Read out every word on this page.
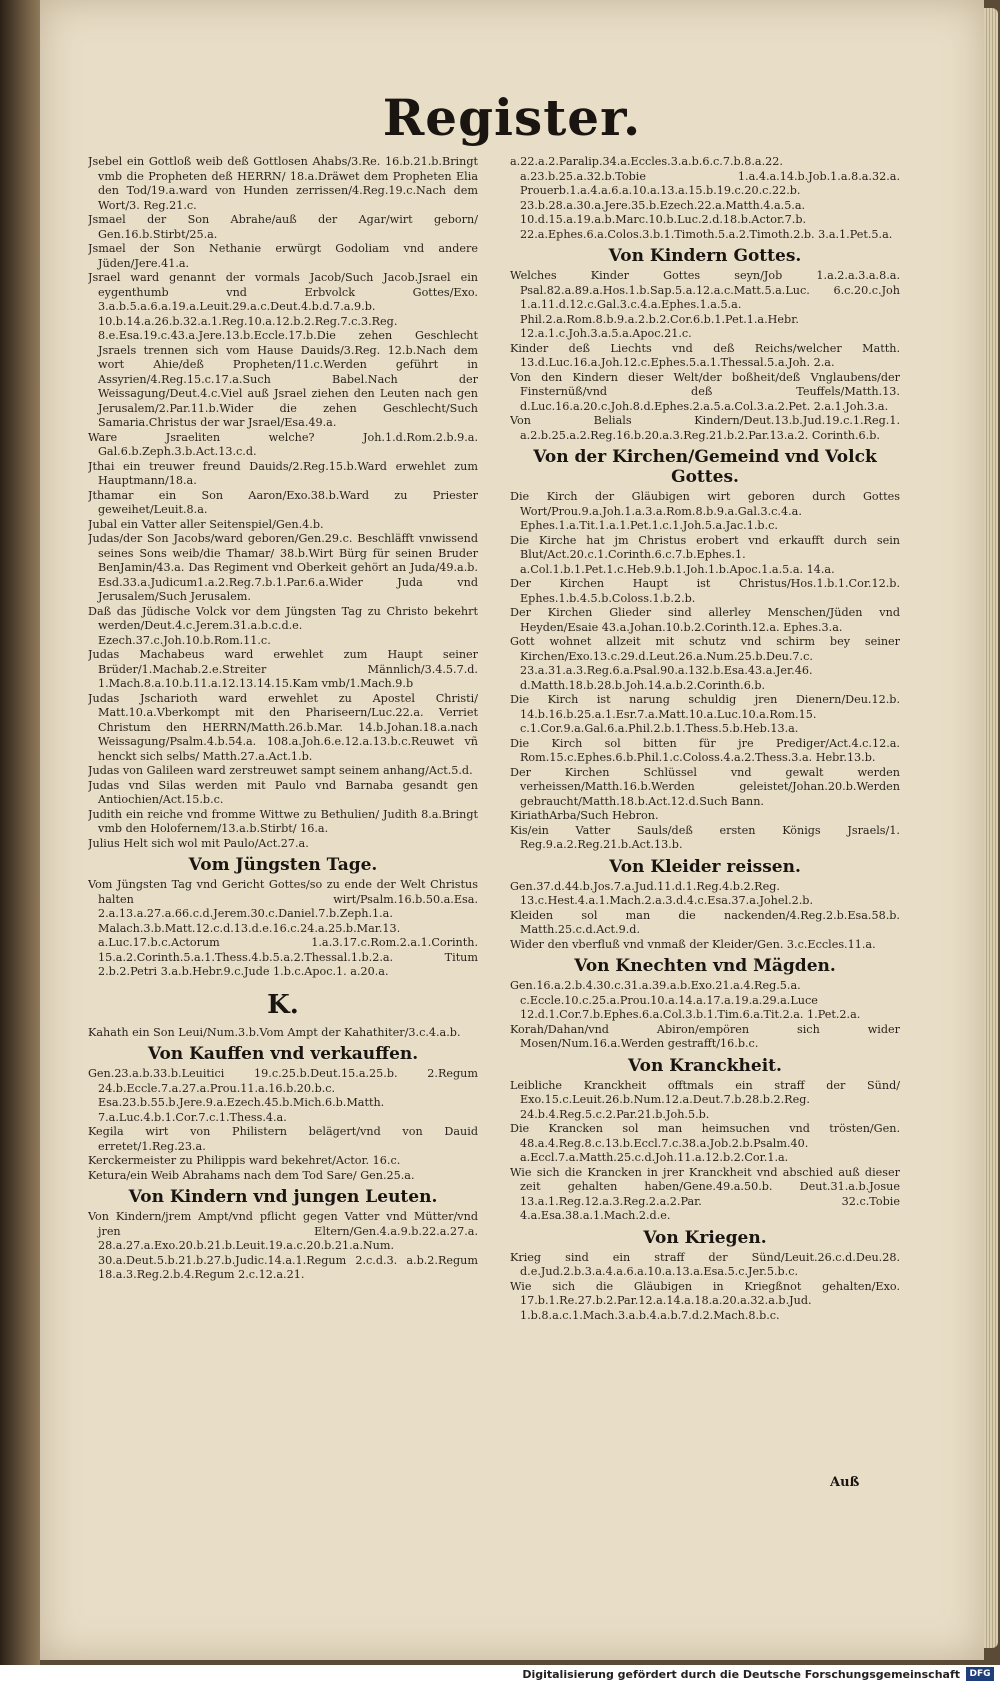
Register.
Jsebel ein Gottloß weib deß Gottlosen Ahabs/3.Re. 16.b.21.b.Bringt vmb die Propheten deß HERRN/ 18.a.Dräwet dem Propheten Elia den Tod/19.a.ward von Hunden zerrissen/4.Reg.19.c.Nach dem Wort/3. Reg.21.c.
Jsmael der Son Abrahe/auß der Agar/wirt geborn/ Gen.16.b.Stirbt/25.a.
Jsmael der Son Nethanie erwürgt Godoliam vnd andere Jüden/Jere.41.a.
Jsrael ward genannt der vormals Jacob/Such Jacob.Jsrael ein eygenthumb vnd Erbvolck Gottes/Exo. 3.a.b.5.a.6.a.19.a.Leuit.29.a.c.Deut.4.b.d.7.a.9.b. 10.b.14.a.26.b.32.a.1.Reg.10.a.12.b.2.Reg.7.c.3.Reg. 8.e.Esa.19.c.43.a.Jere.13.b.Eccle.17.b.Die zehen Geschlecht Jsraels trennen sich vom Hause Dauids/3.Reg. 12.b.Nach dem wort Ahie/deß Propheten/11.c.Werden geführt in Assyrien/4.Reg.15.c.17.a.Such Babel.Nach der Weissagung/Deut.4.c.Viel auß Jsrael ziehen den Leuten nach gen Jerusalem/2.Par.11.b.Wider die zehen Geschlecht/Such Samaria.Christus der war Jsrael/Esa.49.a.
Ware Jsraeliten welche? Joh.1.d.Rom.2.b.9.a. Gal.6.b.Zeph.3.b.Act.13.c.d.
Jthai ein treuwer freund Dauids/2.Reg.15.b.Ward erwehlet zum Hauptmann/18.a.
Jthamar ein Son Aaron/Exo.38.b.Ward zu Priester geweihet/Leuit.8.a.
Jubal ein Vatter aller Seitenspiel/Gen.4.b.
Judas/der Son Jacobs/ward geboren/Gen.29.c. Beschläfft vnwissend seines Sons weib/die Thamar/ 38.b.Wirt Bürg für seinen Bruder BenJamin/43.a. Das Regiment vnd Oberkeit gehört an Juda/49.a.b. Esd.33.a.Judicum1.a.2.Reg.7.b.1.Par.6.a.Wider Juda vnd Jerusalem/Such Jerusalem.
Daß das Jüdische Volck vor dem Jüngsten Tag zu Christo bekehrt werden/Deut.4.c.Jerem.31.a.b.c.d.e. Ezech.37.c.Joh.10.b.Rom.11.c.
Judas Machabeus ward erwehlet zum Haupt seiner Brüder/1.Machab.2.e.Streiter Männlich/3.4.5.7.d. 1.Mach.8.a.10.b.11.a.12.13.14.15.Kam vmb/1.Mach.9.b
Judas Jscharioth ward erwehlet zu Apostel Christi/ Matt.10.a.Vberkompt mit den Phariseern/Luc.22.a. Verriet Christum den HERRN/Matth.26.b.Mar. 14.b.Johan.18.a.nach Weissagung/Psalm.4.b.54.a. 108.a.Joh.6.e.12.a.13.b.c.Reuwet vñ henckt sich selbs/ Matth.27.a.Act.1.b.
Judas von Galileen ward zerstreuwet sampt seinem anhang/Act.5.d.
Judas vnd Silas werden mit Paulo vnd Barnaba gesandt gen Antiochien/Act.15.b.c.
Judith ein reiche vnd fromme Wittwe zu Bethulien/ Judith 8.a.Bringt vmb den Holofernem/13.a.b.Stirbt/ 16.a.
Julius Helt sich wol mit Paulo/Act.27.a.
Vom Jüngsten Tage.
Vom Jüngsten Tag vnd Gericht Gottes/so zu ende der Welt Christus halten wirt/Psalm.16.b.50.a.Esa. 2.a.13.a.27.a.66.c.d.Jerem.30.c.Daniel.7.b.Zeph.1.a. Malach.3.b.Matt.12.c.d.13.d.e.16.c.24.a.25.b.Mar.13. a.Luc.17.b.c.Actorum 1.a.3.17.c.Rom.2.a.1.Corinth. 15.a.2.Corinth.5.a.1.Thess.4.b.5.a.2.Thessal.1.b.2.a. Titum 2.b.2.Petri 3.a.b.Hebr.9.c.Jude 1.b.c.Apoc.1. a.20.a.
K.
Kahath ein Son Leui/Num.3.b.Vom Ampt der Kahathiter/3.c.4.a.b.
Von Kauffen vnd verkauffen.
Gen.23.a.b.33.b.Leuitici 19.c.25.b.Deut.15.a.25.b. 2.Regum 24.b.Eccle.7.a.27.a.Prou.11.a.16.b.20.b.c. Esa.23.b.55.b.Jere.9.a.Ezech.45.b.Mich.6.b.Matth. 7.a.Luc.4.b.1.Cor.7.c.1.Thess.4.a.
Kegila wirt von Philistern belägert/vnd von Dauid erretet/1.Reg.23.a.
Kerckermeister zu Philippis ward bekehret/Actor. 16.c.
Ketura/ein Weib Abrahams nach dem Tod Sare/ Gen.25.a.
Von Kindern vnd jungen Leuten.
Von Kindern/jrem Ampt/vnd pflicht gegen Vatter vnd Mütter/vnd jren Eltern/Gen.4.a.9.b.22.a.27.a. 28.a.27.a.Exo.20.b.21.b.Leuit.19.a.c.20.b.21.a.Num. 30.a.Deut.5.b.21.b.27.b.Judic.14.a.1.Regum 2.c.d.3. a.b.2.Regum 18.a.3.Reg.2.b.4.Regum 2.c.12.a.21.
a.22.a.2.Paralip.34.a.Eccles.3.a.b.6.c.7.b.8.a.22. a.23.b.25.a.32.b.Tobie 1.a.4.a.14.b.Job.1.a.8.a.32.a. Prouerb.1.a.4.a.6.a.10.a.13.a.15.b.19.c.20.c.22.b. 23.b.28.a.30.a.Jere.35.b.Ezech.22.a.Matth.4.a.5.a. 10.d.15.a.19.a.b.Marc.10.b.Luc.2.d.18.b.Actor.7.b. 22.a.Ephes.6.a.Colos.3.b.1.Timoth.5.a.2.Timoth.2.b. 3.a.1.Pet.5.a.
Von Kindern Gottes.
Welches Kinder Gottes seyn/Job 1.a.2.a.3.a.8.a. Psal.82.a.89.a.Hos.1.b.Sap.5.a.12.a.c.Matt.5.a.Luc. 6.c.20.c.Joh 1.a.11.d.12.c.Gal.3.c.4.a.Ephes.1.a.5.a. Phil.2.a.Rom.8.b.9.a.2.b.2.Cor.6.b.1.Pet.1.a.Hebr. 12.a.1.c.Joh.3.a.5.a.Apoc.21.c.
Kinder deß Liechts vnd deß Reichs/welcher Matth. 13.d.Luc.16.a.Joh.12.c.Ephes.5.a.1.Thessal.5.a.Joh. 2.a.
Von den Kindern dieser Welt/der boßheit/deß Vnglaubens/der Finsternüß/vnd deß Teuffels/Matth.13. d.Luc.16.a.20.c.Joh.8.d.Ephes.2.a.5.a.Col.3.a.2.Pet. 2.a.1.Joh.3.a.
Von Belials Kindern/Deut.13.b.Jud.19.c.1.Reg.1. a.2.b.25.a.2.Reg.16.b.20.a.3.Reg.21.b.2.Par.13.a.2. Corinth.6.b.
Von der Kirchen/Gemeind vnd Volck Gottes.
Die Kirch der Gläubigen wirt geboren durch Gottes Wort/Prou.9.a.Joh.1.a.3.a.Rom.8.b.9.a.Gal.3.c.4.a. Ephes.1.a.Tit.1.a.1.Pet.1.c.1.Joh.5.a.Jac.1.b.c.
Die Kirche hat jm Christus erobert vnd erkaufft durch sein Blut/Act.20.c.1.Corinth.6.c.7.b.Ephes.1. a.Col.1.b.1.Pet.1.c.Heb.9.b.1.Joh.1.b.Apoc.1.a.5.a. 14.a.
Der Kirchen Haupt ist Christus/Hos.1.b.1.Cor.12.b. Ephes.1.b.4.5.b.Coloss.1.b.2.b.
Der Kirchen Glieder sind allerley Menschen/Jüden vnd Heyden/Esaie 43.a.Johan.10.b.2.Corinth.12.a. Ephes.3.a.
Gott wohnet allzeit mit schutz vnd schirm bey seiner Kirchen/Exo.13.c.29.d.Leut.26.a.Num.25.b.Deu.7.c. 23.a.31.a.3.Reg.6.a.Psal.90.a.132.b.Esa.43.a.Jer.46. d.Matth.18.b.28.b.Joh.14.a.b.2.Corinth.6.b.
Die Kirch ist narung schuldig jren Dienern/Deu.12.b. 14.b.16.b.25.a.1.Esr.7.a.Matt.10.a.Luc.10.a.Rom.15. c.1.Cor.9.a.Gal.6.a.Phil.2.b.1.Thess.5.b.Heb.13.a.
Die Kirch sol bitten für jre Prediger/Act.4.c.12.a. Rom.15.c.Ephes.6.b.Phil.1.c.Coloss.4.a.2.Thess.3.a. Hebr.13.b.
Der Kirchen Schlüssel vnd gewalt werden verheissen/Matth.16.b.Werden geleistet/Johan.20.b.Werden gebraucht/Matth.18.b.Act.12.d.Such Bann.
KiriathArba/Such Hebron.
Kis/ein Vatter Sauls/deß ersten Königs Jsraels/1. Reg.9.a.2.Reg.21.b.Act.13.b.
Von Kleider reissen.
Gen.37.d.44.b.Jos.7.a.Jud.11.d.1.Reg.4.b.2.Reg. 13.c.Hest.4.a.1.Mach.2.a.3.d.4.c.Esa.37.a.Johel.2.b.
Kleiden sol man die nackenden/4.Reg.2.b.Esa.58.b. Matth.25.c.d.Act.9.d.
Wider den vberfluß vnd vnmaß der Kleider/Gen. 3.c.Eccles.11.a.
Von Knechten vnd Mägden.
Gen.16.a.2.b.4.30.c.31.a.39.a.b.Exo.21.a.4.Reg.5.a. c.Eccle.10.c.25.a.Prou.10.a.14.a.17.a.19.a.29.a.Luce 12.d.1.Cor.7.b.Ephes.6.a.Col.3.b.1.Tim.6.a.Tit.2.a. 1.Pet.2.a.
Korah/Dahan/vnd Abiron/empören sich wider Mosen/Num.16.a.Werden gestrafft/16.b.c.
Von Kranckheit.
Leibliche Kranckheit offtmals ein straff der Sünd/ Exo.15.c.Leuit.26.b.Num.12.a.Deut.7.b.28.b.2.Reg. 24.b.4.Reg.5.c.2.Par.21.b.Joh.5.b.
Die Krancken sol man heimsuchen vnd trösten/Gen. 48.a.4.Reg.8.c.13.b.Eccl.7.c.38.a.Job.2.b.Psalm.40. a.Eccl.7.a.Matth.25.c.d.Joh.11.a.12.b.2.Cor.1.a.
Wie sich die Krancken in jrer Kranckheit vnd abschied auß dieser zeit gehalten haben/Gene.49.a.50.b. Deut.31.a.b.Josue 13.a.1.Reg.12.a.3.Reg.2.a.2.Par. 32.c.Tobie 4.a.Esa.38.a.1.Mach.2.d.e.
Von Kriegen.
Krieg sind ein straff der Sünd/Leuit.26.c.d.Deu.28. d.e.Jud.2.b.3.a.4.a.6.a.10.a.13.a.Esa.5.c.Jer.5.b.c.
Wie sich die Gläubigen in Kriegßnot gehalten/Exo. 17.b.1.Re.27.b.2.Par.12.a.14.a.18.a.20.a.32.a.b.Jud. 1.b.8.a.c.1.Mach.3.a.b.4.a.b.7.d.2.Mach.8.b.c.
Auß
Digitalisierung gefördert durch die Deutsche Forschungsgemeinschaft	DFG
